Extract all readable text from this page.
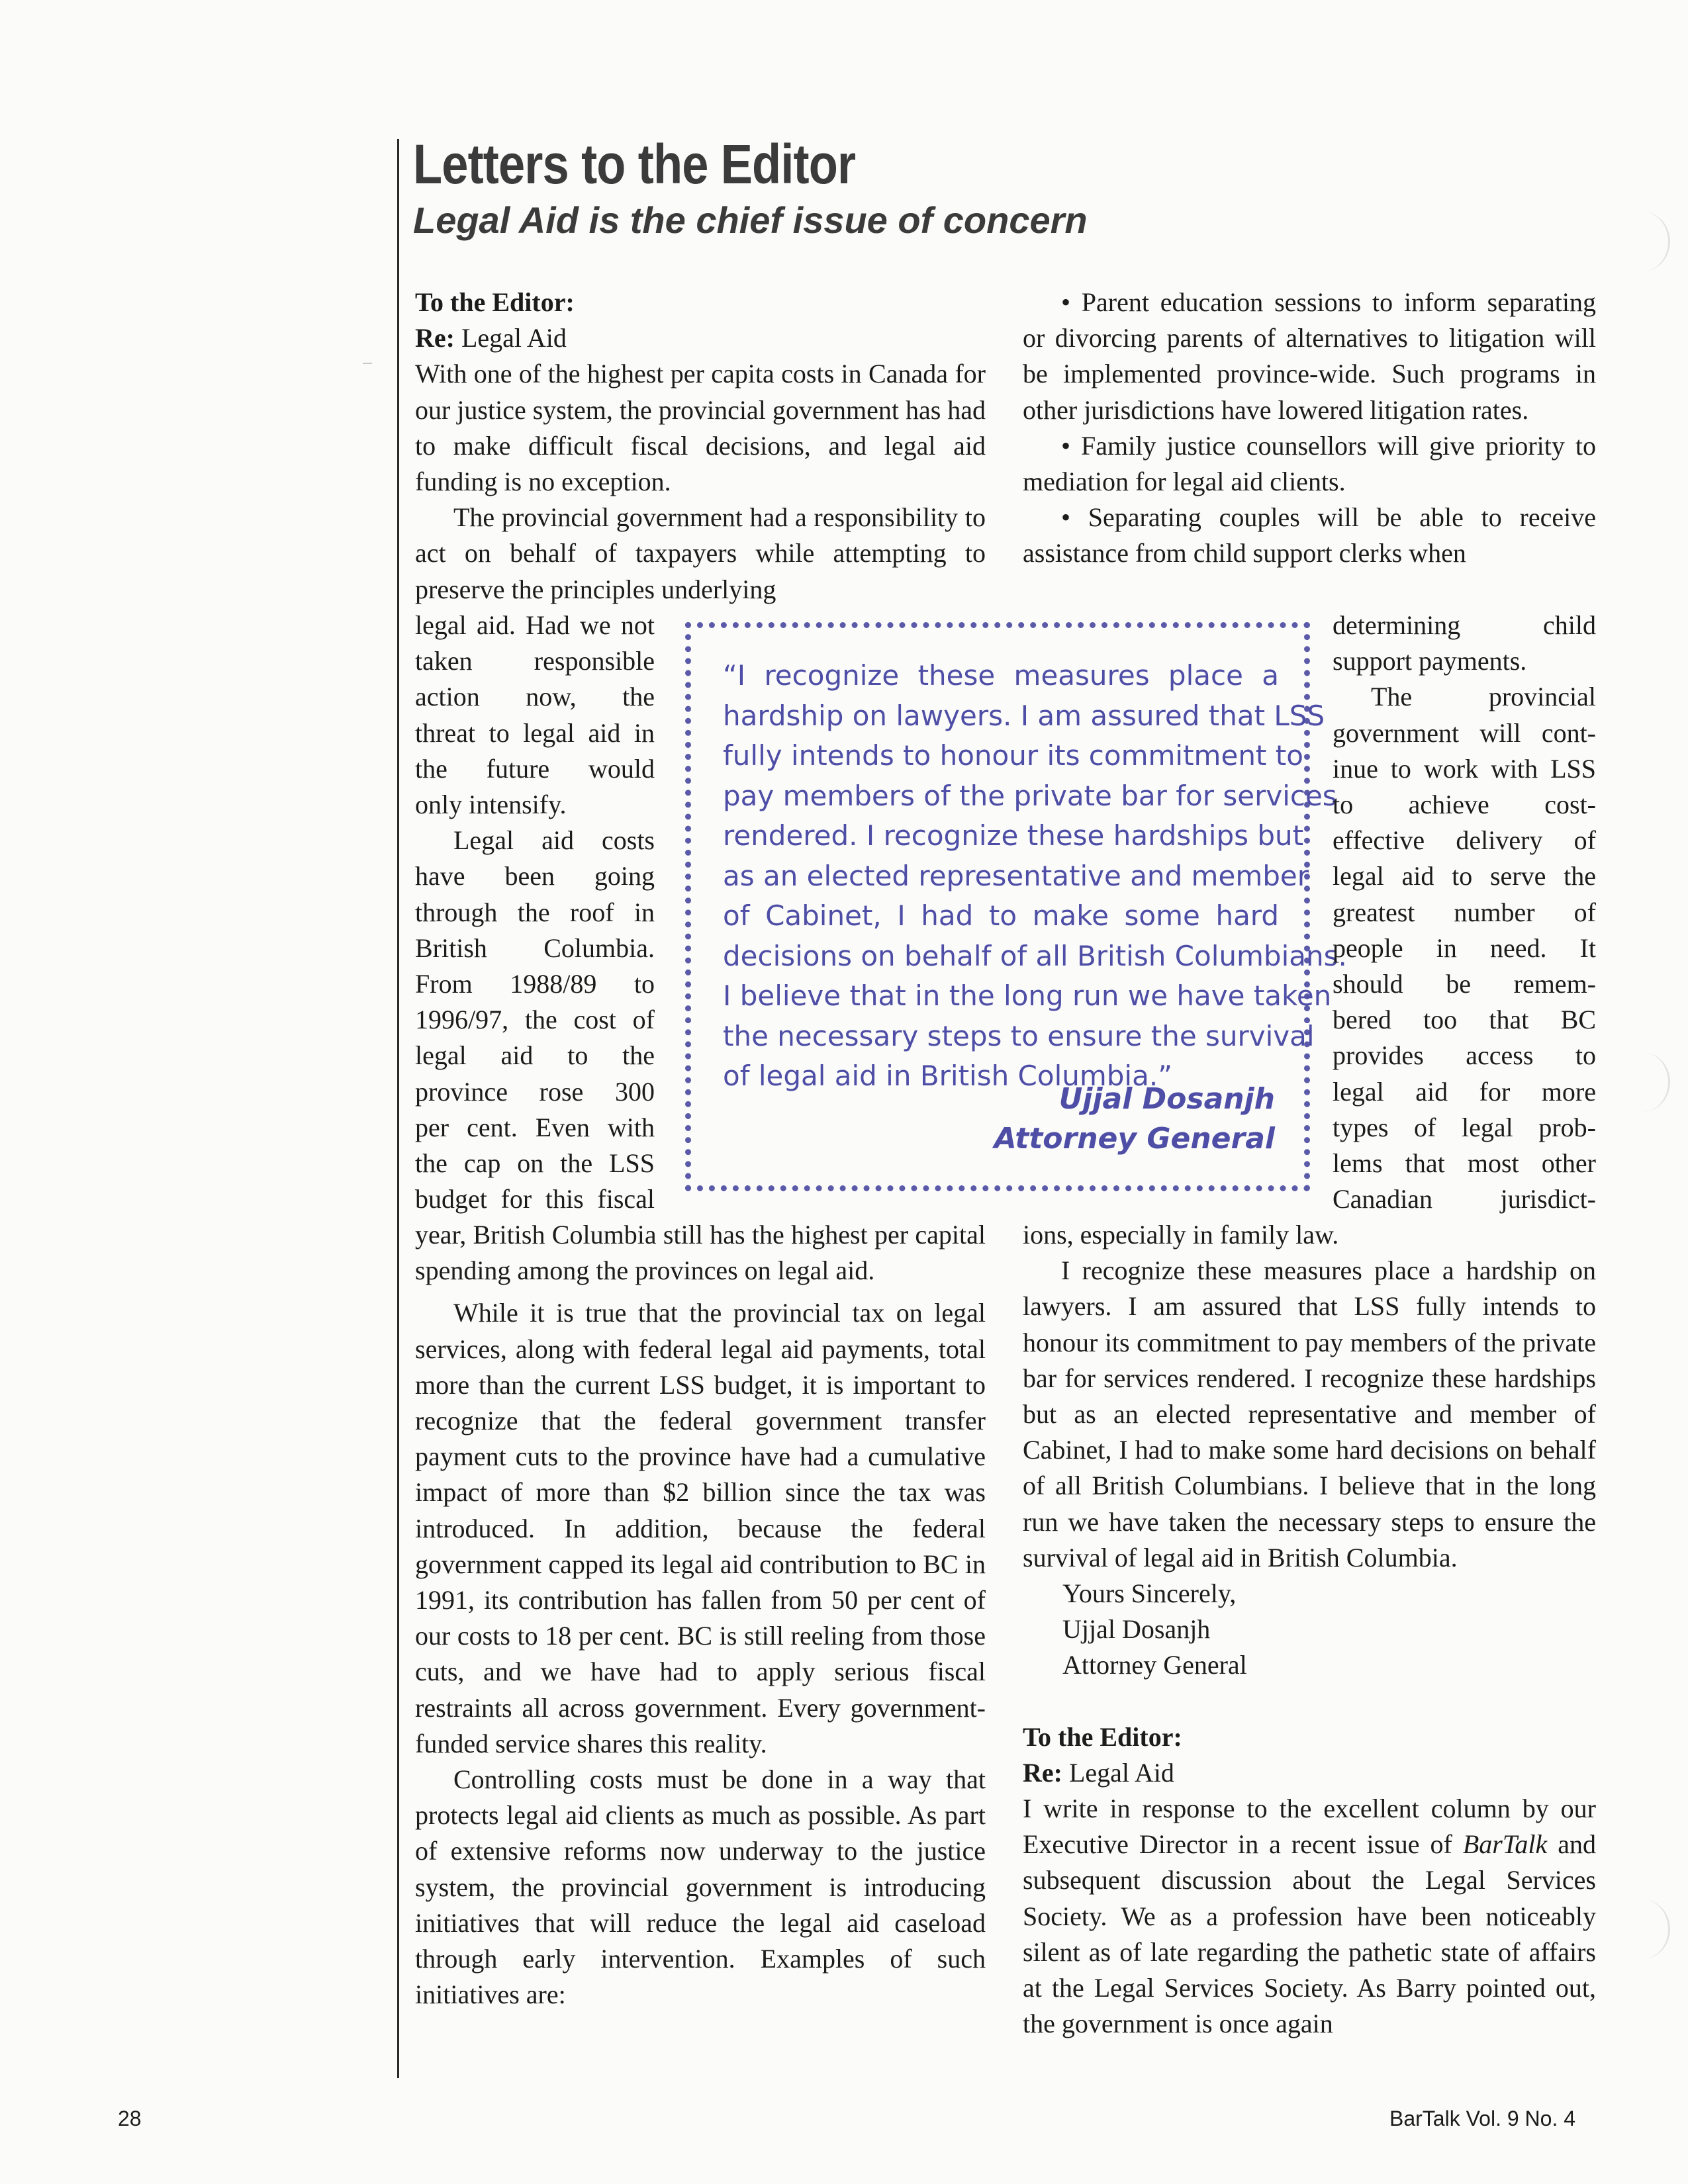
Letters to the Editor
Legal Aid is the chief issue of concern

To the Editor:

Re: Legal Aid

With one of the highest per capita costs in Canada for our justice system, the provincial government has had to make difficult fiscal decisions, and legal aid funding is no exception.

The provincial government had a responsibility to act on behalf of taxpayers while attempting to preserve the principles underlying

legal aid. Had we not

taken responsible

action now, the

threat to legal aid in

the future would

only intensify.

Legal aid costs

have been going

through the roof in

British Columbia.

From 1988/89 to

1996/97, the cost of

legal aid to the

province rose 300

per cent. Even with

the cap on the LSS

budget for this fiscal

year, British Columbia still has the highest per capital spending among the provinces on legal aid.

While it is true that the provincial tax on legal services, along with federal legal aid payments, total more than the current LSS budget, it is important to recognize that the federal government transfer payment cuts to the province have had a cumulative impact of more than $2 billion since the tax was introduced. In addition, because the federal government capped its legal aid contribution to BC in 1991, its contribution has fallen from 50 per cent of our costs to 18 per cent. BC is still reeling from those cuts, and we have had to apply serious fiscal restraints all across government. Every government-funded service shares this reality.

Controlling costs must be done in a way that protects legal aid clients as much as possible. As part of extensive reforms now underway to the justice system, the provincial government is introducing initiatives that will reduce the legal aid caseload through early intervention. Examples of such initiatives are:

“I recognize these measures place a

hardship on lawyers. I am assured that LSS

fully intends to honour its commitment to

pay members of the private bar for services

rendered. I recognize these hardships but

as an elected representative and member

of Cabinet, I had to make some hard

decisions on behalf of all British Columbians.

I believe that in the long run we have taken

the necessary steps to ensure the survival

of legal aid in British Columbia.”

Ujjal Dosanjh
Attorney General

• Parent education sessions to inform separating or divorcing parents of alternatives to litigation will be implemented province-wide. Such programs in other jurisdictions have lowered litigation rates.

• Family justice counsellors will give priority to mediation for legal aid clients.

• Separating couples will be able to receive assistance from child support clerks when

determining child

support payments.

The provincial

government will cont-

inue to work with LSS

to achieve cost-

effective delivery of

legal aid to serve the

greatest number of

people in need. It

should be remem-

bered too that BC

provides access to

legal aid for more

types of legal prob-

lems that most other

Canadian jurisdict-

ions, especially in family law.

I recognize these measures place a hardship on lawyers. I am assured that LSS fully intends to honour its commitment to pay members of the private bar for services rendered. I recognize these hardships but as an elected representative and member of Cabinet, I had to make some hard decisions on behalf of all British Columbians. I believe that in the long run we have taken the necessary steps to ensure the survival of legal aid in British Columbia.

Yours Sincerely,

Ujjal Dosanjh

Attorney General

To the Editor:

Re: Legal Aid

I write in response to the excellent column by our Executive Director in a recent issue of BarTalk and subsequent discussion about the Legal Services Society. We as a profession have been noticeably silent as of late regarding the pathetic state of affairs at the Legal Services Society. As Barry pointed out, the government is once again

28	BarTalk Vol. 9 No. 4
